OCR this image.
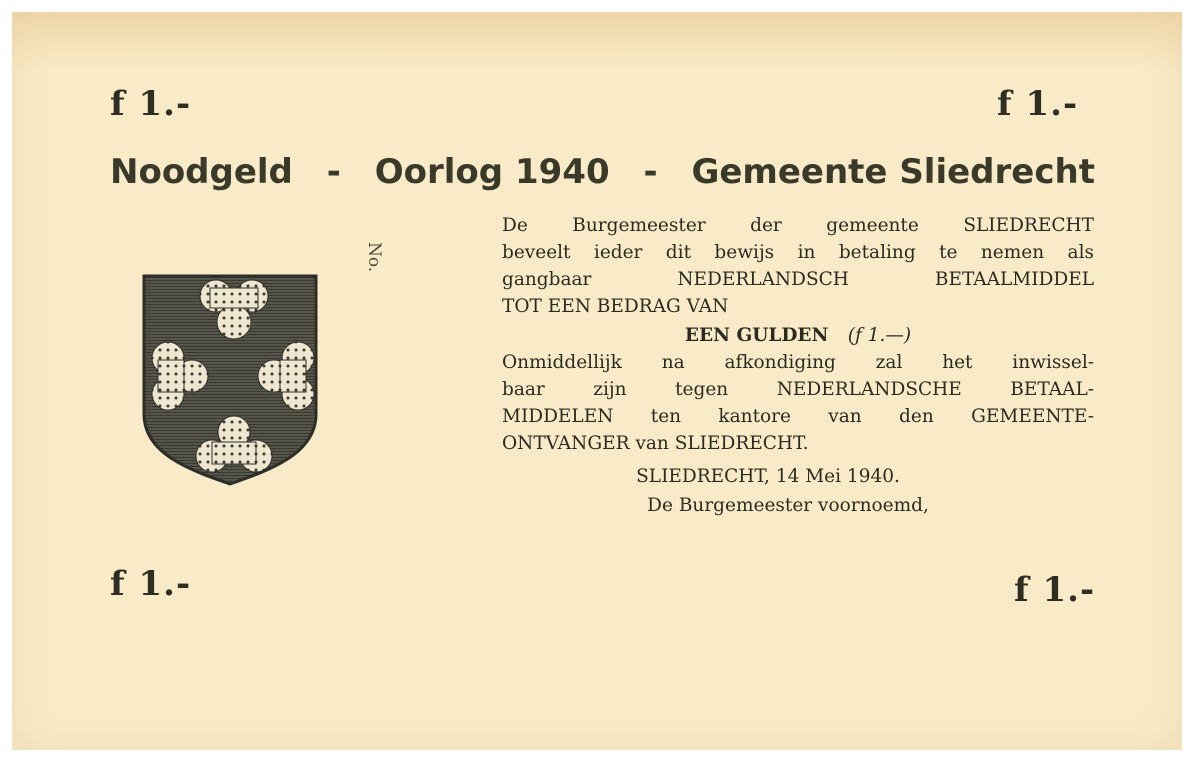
f 1.-	f 1.-

Noodgeld - Oorlog 1940 - Gemeente Sliedrecht

No.

De Burgemeester der gemeente SLIEDRECHT
beveelt ieder dit bewijs in betaling te nemen als
gangbaar NEDERLANDSCH BETAALMIDDEL
TOT EEN BEDRAG VAN

EEN GULDEN (ƒ 1.—)

Onmiddellijk na afkondiging zal het inwissel-
baar zijn tegen NEDERLANDSCHE BETAAL-
MIDDELEN ten kantore van den GEMEENTE-
ONTVANGER van SLIEDRECHT.

SLIEDRECHT, 14 Mei 1940.

De Burgemeester voornoemd,

f 1.-	f 1.-
